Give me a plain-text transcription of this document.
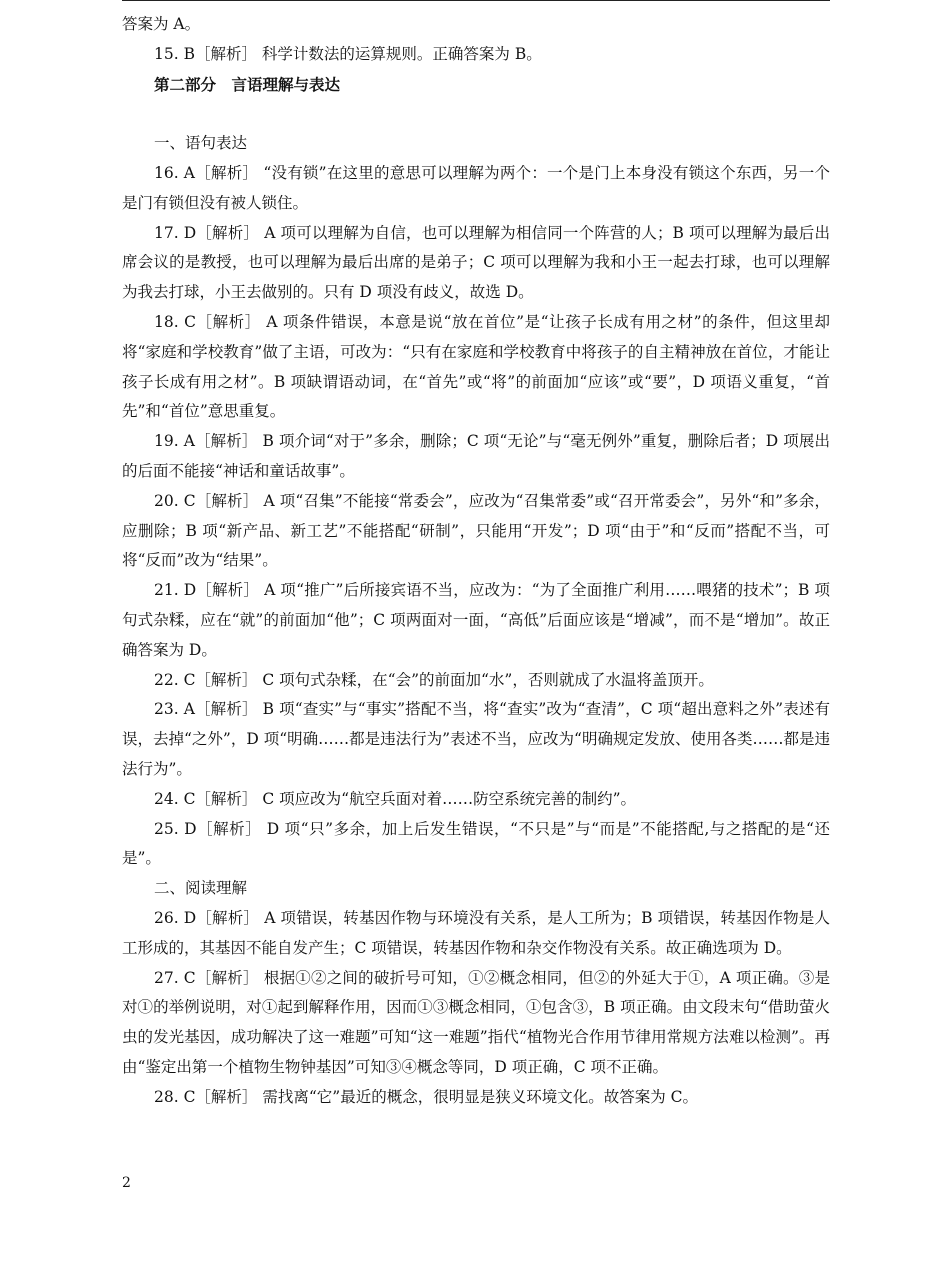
答案为 A。

15. B［解析］ 科学计数法的运算规则。正确答案为 B。

第二部分　言语理解与表达

一、语句表达

16. A［解析］ “没有锁”在这里的意思可以理解为两个：一个是门上本身没有锁这个东西，另一个是门有锁但没有被人锁住。

17. D［解析］ A 项可以理解为自信，也可以理解为相信同一个阵营的人；B 项可以理解为最后出席会议的是教授，也可以理解为最后出席的是弟子；C 项可以理解为我和小王一起去打球，也可以理解为我去打球，小王去做别的。只有 D 项没有歧义，故选 D。

18. C［解析］ A 项条件错误，本意是说“放在首位”是“让孩子长成有用之材”的条件，但这里却将“家庭和学校教育”做了主语，可改为：“只有在家庭和学校教育中将孩子的自主精神放在首位，才能让孩子长成有用之材”。B 项缺谓语动词，在“首先”或“将”的前面加“应该”或“要”，D 项语义重复，“首先”和“首位”意思重复。

19. A［解析］ B 项介词“对于”多余，删除；C 项“无论”与“毫无例外”重复，删除后者；D 项展出的后面不能接“神话和童话故事”。

20. C［解析］ A 项“召集”不能接“常委会”，应改为“召集常委”或“召开常委会”，另外“和”多余，应删除；B 项“新产品、新工艺”不能搭配“研制”，只能用“开发”；D 项“由于”和“反而”搭配不当，可将“反而”改为“结果”。

21. D［解析］ A 项“推广”后所接宾语不当，应改为：“为了全面推广利用……喂猪的技术”；B 项句式杂糅，应在“就”的前面加“他”；C 项两面对一面，“高低”后面应该是“增减”，而不是“增加”。故正确答案为 D。

22. C［解析］ C 项句式杂糅，在“会”的前面加“水”，否则就成了水温将盖顶开。

23. A［解析］ B 项“查实”与“事实”搭配不当，将“查实”改为“查清”，C 项“超出意料之外”表述有误，去掉“之外”，D 项“明确……都是违法行为”表述不当，应改为“明确规定发放、使用各类……都是违法行为”。

24. C［解析］ C 项应改为“航空兵面对着……防空系统完善的制约”。

25. D［解析］ D 项“只”多余，加上后发生错误，“不只是”与“而是”不能搭配,与之搭配的是“还是”。

二、阅读理解

26. D［解析］ A 项错误，转基因作物与环境没有关系，是人工所为；B 项错误，转基因作物是人工形成的，其基因不能自发产生；C 项错误，转基因作物和杂交作物没有关系。故正确选项为 D。

27. C［解析］ 根据①②之间的破折号可知，①②概念相同，但②的外延大于①，A 项正确。③是对①的举例说明，对①起到解释作用，因而①③概念相同，①包含③，B 项正确。由文段末句“借助萤火虫的发光基因，成功解决了这一难题”可知“这一难题”指代“植物光合作用节律用常规方法难以检测”。再由“鉴定出第一个植物生物钟基因”可知③④概念等同，D 项正确，C 项不正确。

28. C［解析］ 需找离“它”最近的概念，很明显是狭义环境文化。故答案为 C。

2
